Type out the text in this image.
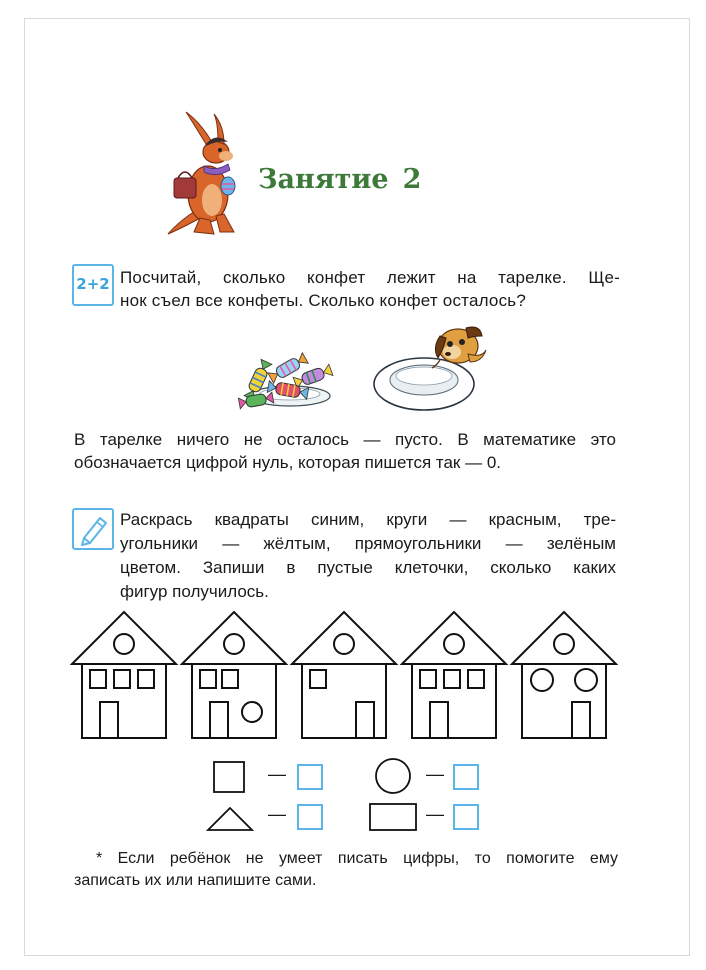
Занятие 2
2+2 Посчитай, сколько конфет лежит на тарелке. Ще-
нок съел все конфеты. Сколько конфет осталось?
В тарелке ничего не осталось — пусто. В математике это
обозначается цифрой нуль, которая пишется так — 0.
Раскрась квадраты синим, круги — красным, тре-
угольники — жёлтым, прямоугольники — зелёным
цветом. Запиши в пустые клеточки, сколько каких
фигур получилось.
—	—
—	—
* Если ребёнок не умеет писать цифры, то помогите ему
записать их или напишите сами.
